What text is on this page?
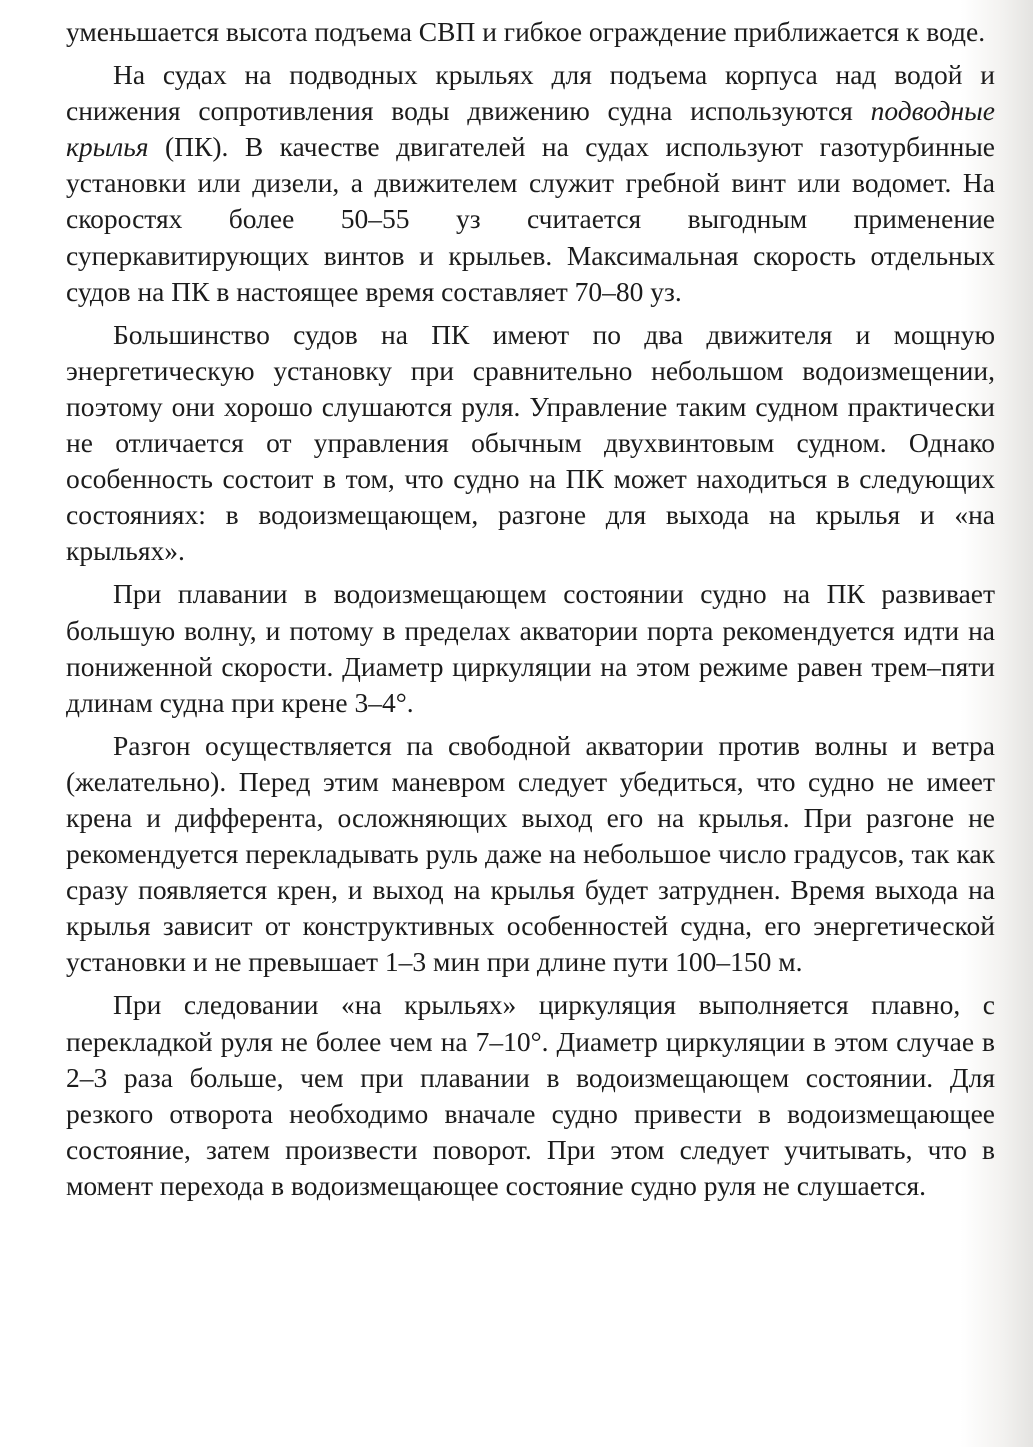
уменьшается высота подъема СВП и гибкое ограждение приближается к воде.

На судах на подводных крыльях для подъема корпуса над водой и снижения сопротивления воды движению судна используются подводные крылья (ПК). В качестве двигателей на судах используют газотурбинные установки или дизели, а движителем служит гребной винт или водомет. На скоростях более 50–55 уз считается выгодным применение суперкавитирующих винтов и крыльев. Максимальная скорость отдельных судов на ПК в настоящее время составляет 70–80 уз.

Большинство судов на ПК имеют по два движителя и мощную энергетическую установку при сравнительно небольшом водоизмещении, поэтому они хорошо слушаются руля. Управление таким судном практически не отличается от управления обычным двухвинтовым судном. Однако особенность состоит в том, что судно на ПК может находиться в следующих состояниях: в водоизмещающем, разгоне для выхода на крылья и «на крыльях».

При плавании в водоизмещающем состоянии судно на ПК развивает большую волну, и потому в пределах акватории порта рекомендуется идти на пониженной скорости. Диаметр циркуляции на этом режиме равен трем–пяти длинам судна при крене 3–4°.

Разгон осуществляется па свободной акватории против волны и ветра (желательно). Перед этим маневром следует убедиться, что судно не имеет крена и дифферента, осложняющих выход его на крылья. При разгоне не рекомендуется перекладывать руль даже на небольшое число градусов, так как сразу появляется крен, и выход на крылья будет затруднен. Время выхода на крылья зависит от конструктивных особенностей судна, его энергетической установки и не превышает 1–3 мин при длине пути 100–150 м.

При следовании «на крыльях» циркуляция выполняется плавно, с перекладкой руля не более чем на 7–10°. Диаметр циркуляции в этом случае в 2–3 раза больше, чем при плавании в водоизмещающем состоянии. Для резкого отворота необходимо вначале судно привести в водоизмещающее состояние, затем произвести поворот. При этом следует учитывать, что в момент перехода в водоизмещающее состояние судно руля не слушается.
